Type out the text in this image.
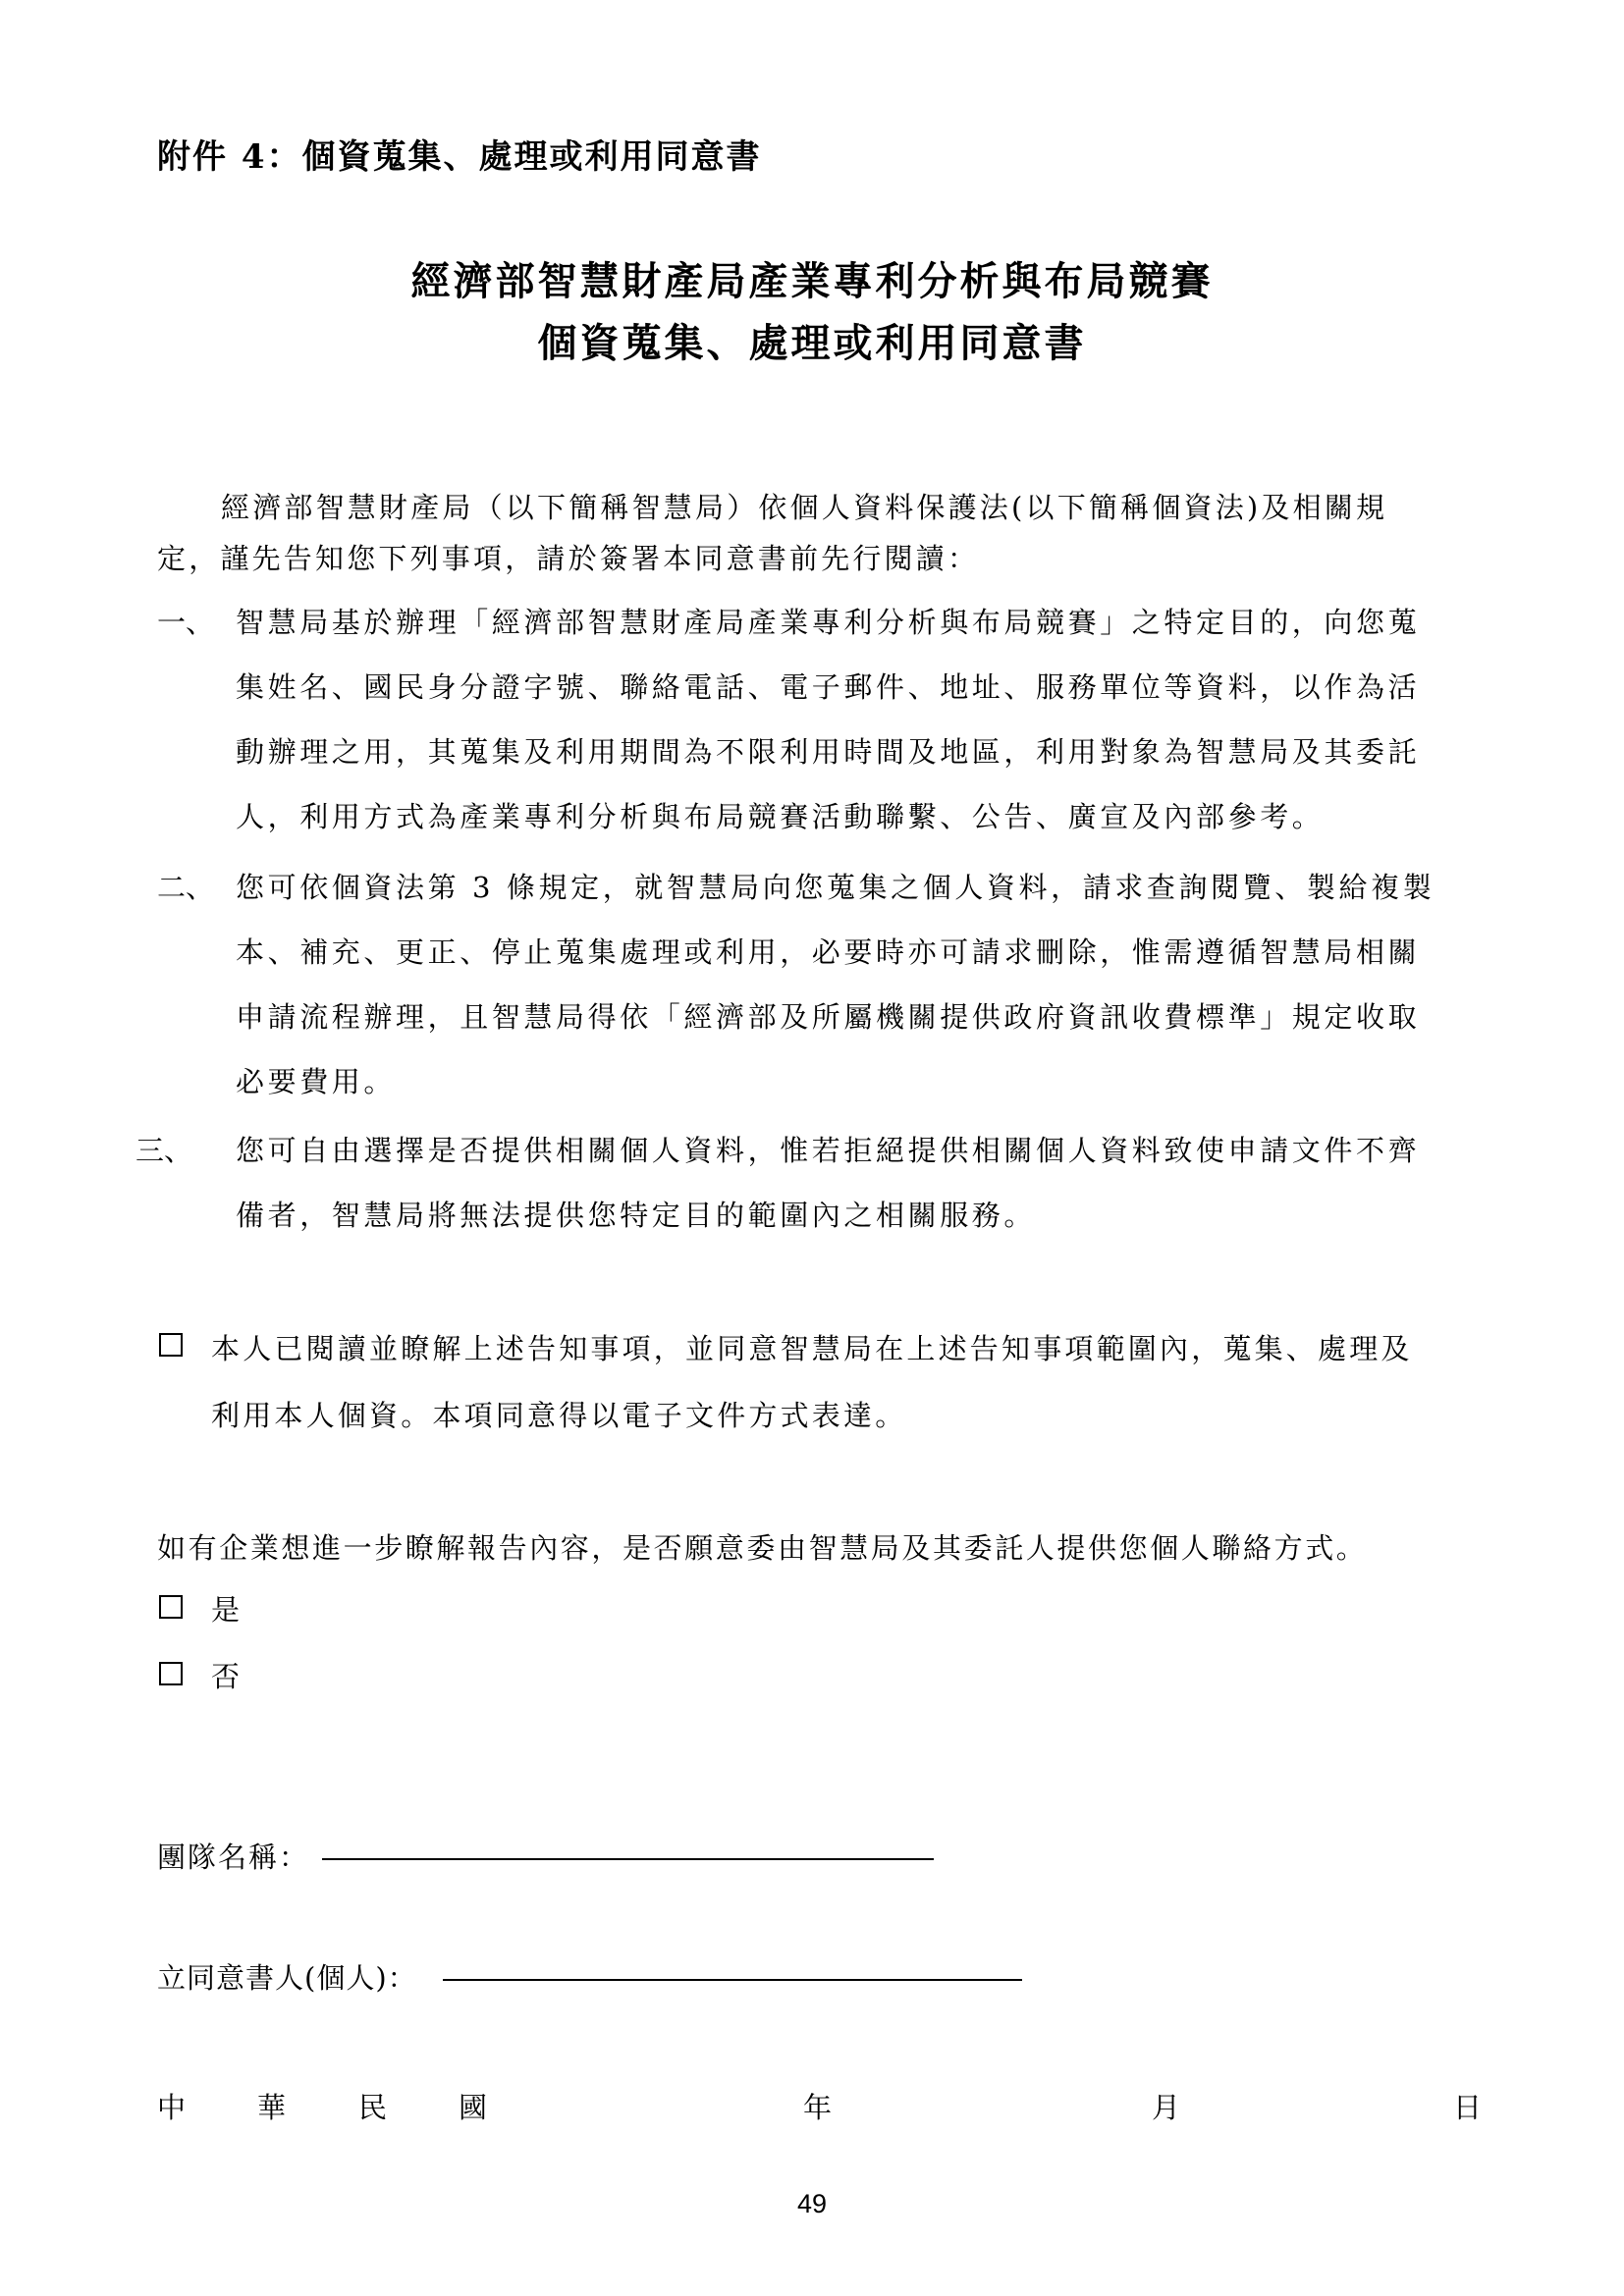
附件 4：個資蒐集、處理或利用同意書
經濟部智慧財產局產業專利分析與布局競賽
個資蒐集、處理或利用同意書
經濟部智慧財產局（以下簡稱智慧局）依個人資料保護法(以下簡稱個資法)及相關規
定，謹先告知您下列事項，請於簽署本同意書前先行閱讀：
一、 智慧局基於辦理「經濟部智慧財產局產業專利分析與布局競賽」之特定目的，向您蒐
集姓名、國民身分證字號、聯絡電話、電子郵件、地址、服務單位等資料，以作為活
動辦理之用，其蒐集及利用期間為不限利用時間及地區，利用對象為智慧局及其委託
人，利用方式為產業專利分析與布局競賽活動聯繫、公告、廣宣及內部參考。
二、 您可依個資法第 3 條規定，就智慧局向您蒐集之個人資料，請求查詢閱覽、製給複製
本、補充、更正、停止蒐集處理或利用，必要時亦可請求刪除，惟需遵循智慧局相關
申請流程辦理，且智慧局得依「經濟部及所屬機關提供政府資訊收費標準」規定收取
必要費用。
三、 您可自由選擇是否提供相關個人資料，惟若拒絕提供相關個人資料致使申請文件不齊
備者，智慧局將無法提供您特定目的範圍內之相關服務。
本人已閱讀並瞭解上述告知事項，並同意智慧局在上述告知事項範圍內，蒐集、處理及
利用本人個資。本項同意得以電子文件方式表達。
如有企業想進一步瞭解報告內容，是否願意委由智慧局及其委託人提供您個人聯絡方式。
是
否
團隊名稱：
立同意書人(個人)：
中	華	民	國	年	月	日
49
